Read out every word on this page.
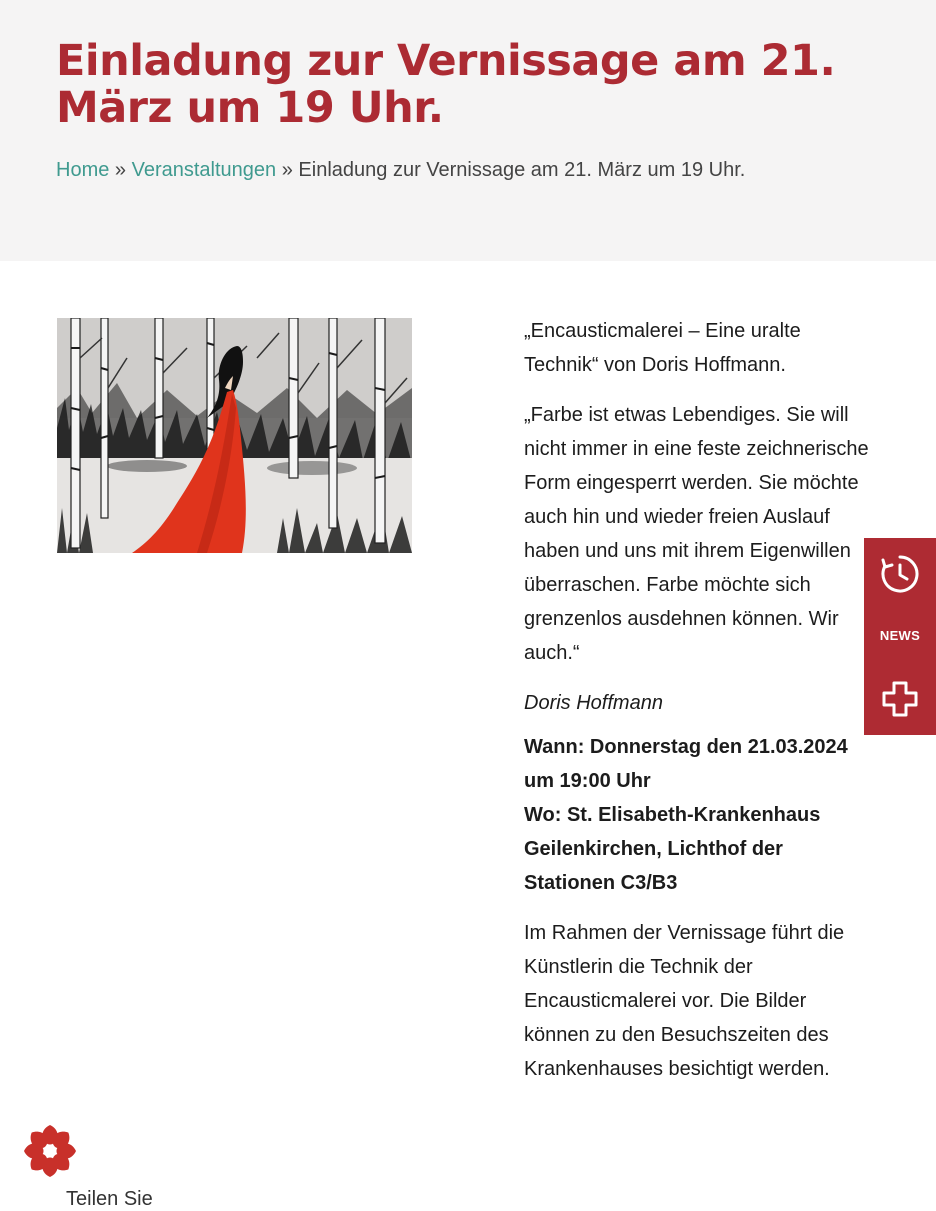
Einladung zur Vernissage am 21. März um 19 Uhr.
Home » Veranstaltungen » Einladung zur Vernissage am 21. März um 19 Uhr.

„Encausticmalerei – Eine uralte Technik“ von Doris Hoffmann.

„Farbe ist etwas Lebendiges. Sie will nicht immer in eine feste zeichnerische Form eingesperrt werden. Sie möchte auch hin und wieder freien Auslauf haben und uns mit ihrem Eigenwillen überraschen. Farbe möchte sich grenzenlos ausdehnen können. Wir auch.“

Doris Hoffmann

Wann: Donnerstag den 21.03.2024 um 19:00 Uhr
Wo: St. Elisabeth-Krankenhaus Geilenkirchen, Lichthof der Stationen C3/B3

Im Rahmen der Vernissage führt die Künstlerin die Technik der Encausticmalerei vor. Die Bilder können zu den Besuchszeiten des Krankenhauses besichtigt werden.

NEWS
Teilen Sie
